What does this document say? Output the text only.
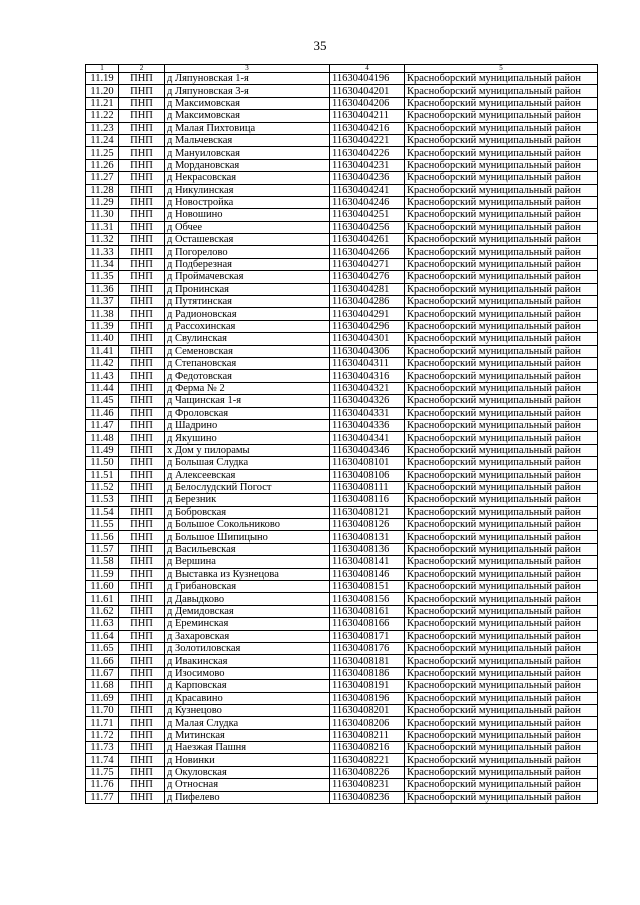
35
1	2	3	4	5
11.19	ПНП	д Ляпуновская 1-я	11630404196	Красноборский муниципальный район
11.20	ПНП	д Ляпуновская 3-я	11630404201	Красноборский муниципальный район
11.21	ПНП	д Максимовская	11630404206	Красноборский муниципальный район
11.22	ПНП	д Максимовская	11630404211	Красноборский муниципальный район
11.23	ПНП	д Малая Пихтовица	11630404216	Красноборский муниципальный район
11.24	ПНП	д Мальчевская	11630404221	Красноборский муниципальный район
11.25	ПНП	д Мануиловская	11630404226	Красноборский муниципальный район
11.26	ПНП	д Мордановская	11630404231	Красноборский муниципальный район
11.27	ПНП	д Некрасовская	11630404236	Красноборский муниципальный район
11.28	ПНП	д Никулинская	11630404241	Красноборский муниципальный район
11.29	ПНП	д Новостройка	11630404246	Красноборский муниципальный район
11.30	ПНП	д Новошино	11630404251	Красноборский муниципальный район
11.31	ПНП	д Обчее	11630404256	Красноборский муниципальный район
11.32	ПНП	д Осташевская	11630404261	Красноборский муниципальный район
11.33	ПНП	д Погорелово	11630404266	Красноборский муниципальный район
11.34	ПНП	д Подберезная	11630404271	Красноборский муниципальный район
11.35	ПНП	д Проймачевская	11630404276	Красноборский муниципальный район
11.36	ПНП	д Пронинская	11630404281	Красноборский муниципальный район
11.37	ПНП	д Путятинская	11630404286	Красноборский муниципальный район
11.38	ПНП	д Радионовская	11630404291	Красноборский муниципальный район
11.39	ПНП	д Рассохинская	11630404296	Красноборский муниципальный район
11.40	ПНП	д Свулинская	11630404301	Красноборский муниципальный район
11.41	ПНП	д Семеновская	11630404306	Красноборский муниципальный район
11.42	ПНП	д Степановская	11630404311	Красноборский муниципальный район
11.43	ПНП	д Федотовская	11630404316	Красноборский муниципальный район
11.44	ПНП	д Ферма № 2	11630404321	Красноборский муниципальный район
11.45	ПНП	д Чащинская 1-я	11630404326	Красноборский муниципальный район
11.46	ПНП	д Фроловская	11630404331	Красноборский муниципальный район
11.47	ПНП	д Шадрино	11630404336	Красноборский муниципальный район
11.48	ПНП	д Якушино	11630404341	Красноборский муниципальный район
11.49	ПНП	х Дом у пилорамы	11630404346	Красноборский муниципальный район
11.50	ПНП	д Большая Слудка	11630408101	Красноборский муниципальный район
11.51	ПНП	д Алексеевская	11630408106	Красноборский муниципальный район
11.52	ПНП	д Белослудский Погост	11630408111	Красноборский муниципальный район
11.53	ПНП	д Березник	11630408116	Красноборский муниципальный район
11.54	ПНП	д Бобровская	11630408121	Красноборский муниципальный район
11.55	ПНП	д Большое Сокольниково	11630408126	Красноборский муниципальный район
11.56	ПНП	д Большое Шипицыно	11630408131	Красноборский муниципальный район
11.57	ПНП	д Васильевская	11630408136	Красноборский муниципальный район
11.58	ПНП	д Вершина	11630408141	Красноборский муниципальный район
11.59	ПНП	д Выставка из Кузнецова	11630408146	Красноборский муниципальный район
11.60	ПНП	д Грибановская	11630408151	Красноборский муниципальный район
11.61	ПНП	д Давыдково	11630408156	Красноборский муниципальный район
11.62	ПНП	д Демидовская	11630408161	Красноборский муниципальный район
11.63	ПНП	д Ереминская	11630408166	Красноборский муниципальный район
11.64	ПНП	д Захаровская	11630408171	Красноборский муниципальный район
11.65	ПНП	д Золотиловская	11630408176	Красноборский муниципальный район
11.66	ПНП	д Ивакинская	11630408181	Красноборский муниципальный район
11.67	ПНП	д Изосимово	11630408186	Красноборский муниципальный район
11.68	ПНП	д Карповская	11630408191	Красноборский муниципальный район
11.69	ПНП	д Красавино	11630408196	Красноборский муниципальный район
11.70	ПНП	д Кузнецово	11630408201	Красноборский муниципальный район
11.71	ПНП	д Малая Слудка	11630408206	Красноборский муниципальный район
11.72	ПНП	д Митинская	11630408211	Красноборский муниципальный район
11.73	ПНП	д Наезжая Пашня	11630408216	Красноборский муниципальный район
11.74	ПНП	д Новинки	11630408221	Красноборский муниципальный район
11.75	ПНП	д Окуловская	11630408226	Красноборский муниципальный район
11.76	ПНП	д Относная	11630408231	Красноборский муниципальный район
11.77	ПНП	д Пифелево	11630408236	Красноборский муниципальный район
